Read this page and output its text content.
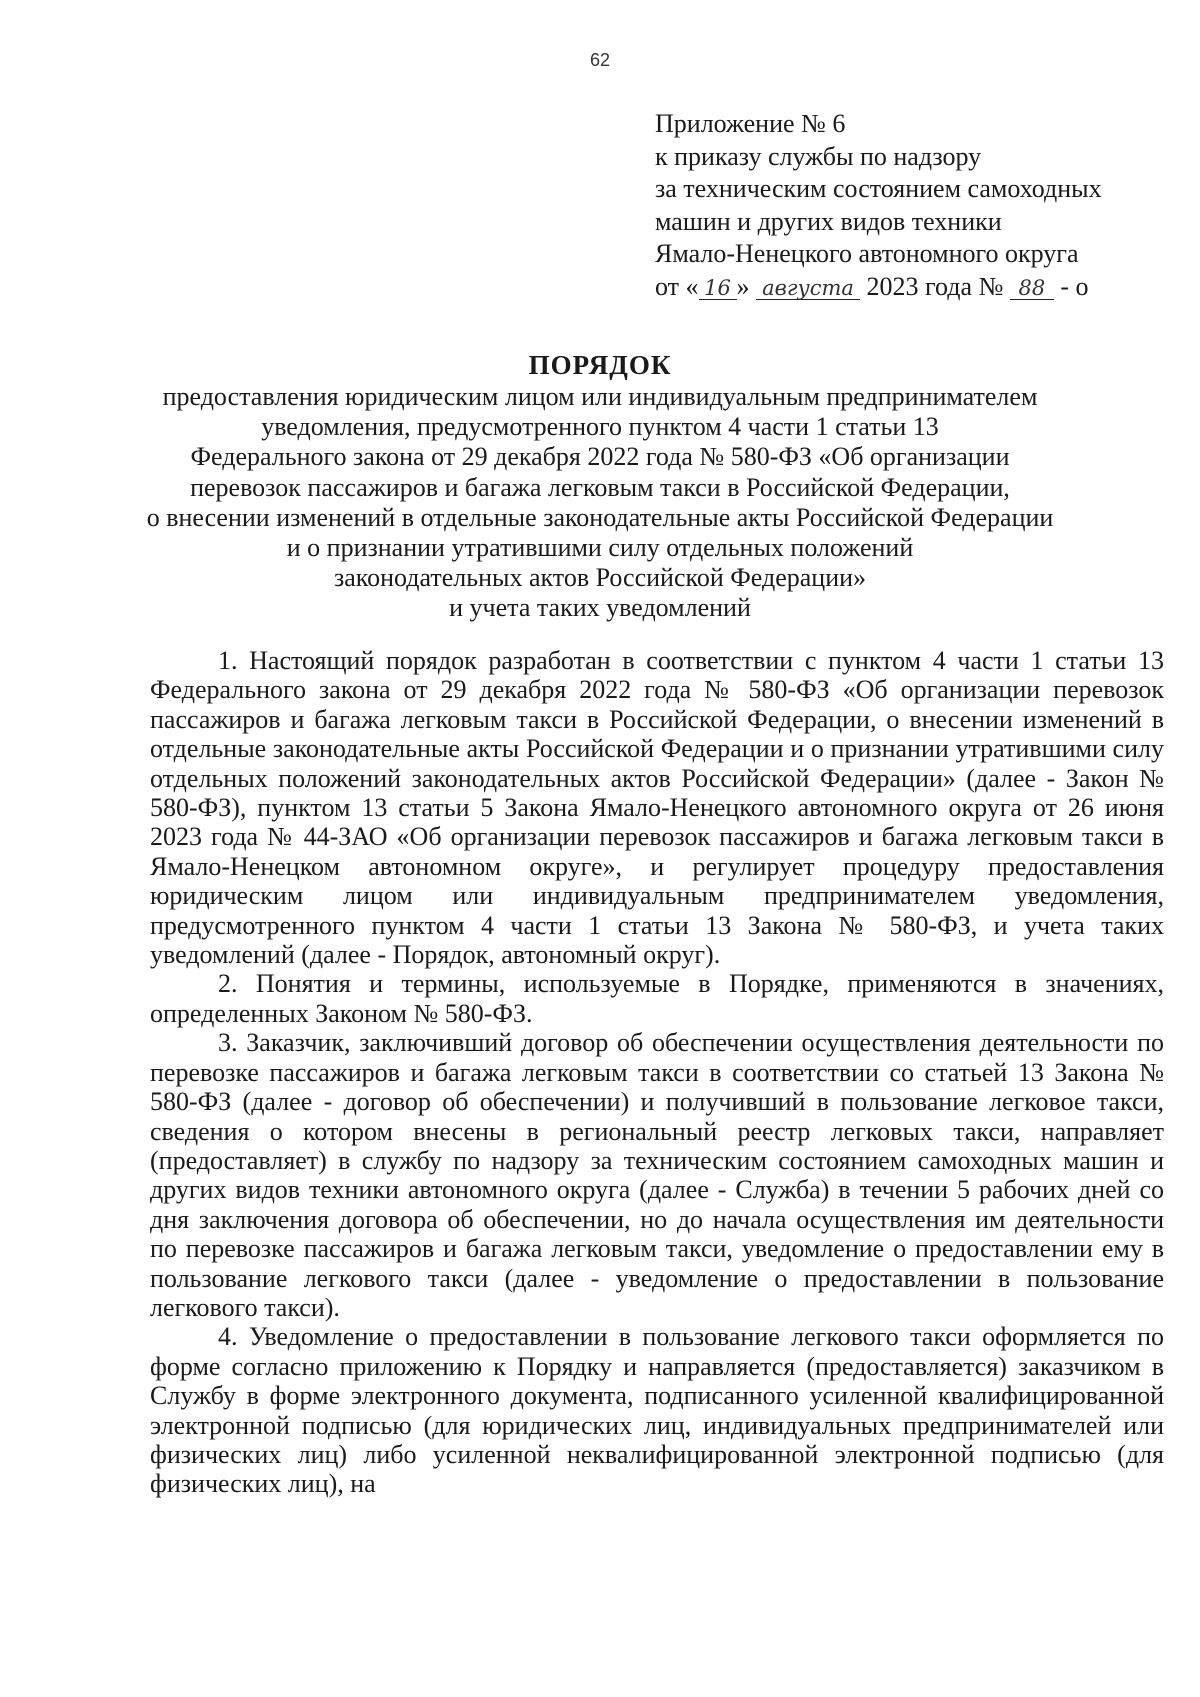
62
Приложение № 6
к приказу службы по надзору
за техническим состоянием самоходных
машин и других видов техники
Ямало-Ненецкого автономного округа
от « 16 » августа 2023 года № 88 - о
ПОРЯДОК
предоставления юридическим лицом или индивидуальным предпринимателем
уведомления, предусмотренного пунктом 4 части 1 статьи 13
Федерального закона от 29 декабря 2022 года № 580-ФЗ «Об организации
перевозок пассажиров и багажа легковым такси в Российской Федерации,
о внесении изменений в отдельные законодательные акты Российской Федерации
и о признании утратившими силу отдельных положений
законодательных актов Российской Федерации»
и учета таких уведомлений

1. Настоящий порядок разработан в соответствии с пунктом 4 части 1 статьи 13 Федерального закона от 29 декабря 2022 года № 580-ФЗ «Об организации перевозок пассажиров и багажа легковым такси в Российской Федерации, о внесении изменений в отдельные законодательные акты Российской Федерации и о признании утратившими силу отдельных положений законодательных актов Российской Федерации» (далее - Закон № 580-ФЗ), пунктом 13 статьи 5 Закона Ямало-Ненецкого автономного округа от 26 июня 2023 года № 44-ЗАО «Об организации перевозок пассажиров и багажа легковым такси в Ямало-Ненецком автономном округе», и регулирует процедуру предоставления юридическим лицом или индивидуальным предпринимателем уведомления, предусмотренного пунктом 4 части 1 статьи 13 Закона № 580-ФЗ, и учета таких уведомлений (далее - Порядок, автономный округ).

2. Понятия и термины, используемые в Порядке, применяются в значениях, определенных Законом № 580-ФЗ.

3. Заказчик, заключивший договор об обеспечении осуществления деятельности по перевозке пассажиров и багажа легковым такси в соответствии со статьей 13 Закона № 580-ФЗ (далее - договор об обеспечении) и получивший в пользование легковое такси, сведения о котором внесены в региональный реестр легковых такси, направляет (предоставляет) в службу по надзору за техническим состоянием самоходных машин и других видов техники автономного округа (далее - Служба) в течении 5 рабочих дней со дня заключения договора об обеспечении, но до начала осуществления им деятельности по перевозке пассажиров и багажа легковым такси, уведомление о предоставлении ему в пользование легкового такси (далее - уведомление о предоставлении в пользование легкового такси).

4. Уведомление о предоставлении в пользование легкового такси оформляется по форме согласно приложению к Порядку и направляется (предоставляется) заказчиком в Службу в форме электронного документа, подписанного усиленной квалифицированной электронной подписью (для юридических лиц, индивидуальных предпринимателей или физических лиц) либо усиленной неквалифицированной электронной подписью (для физических лиц), на
